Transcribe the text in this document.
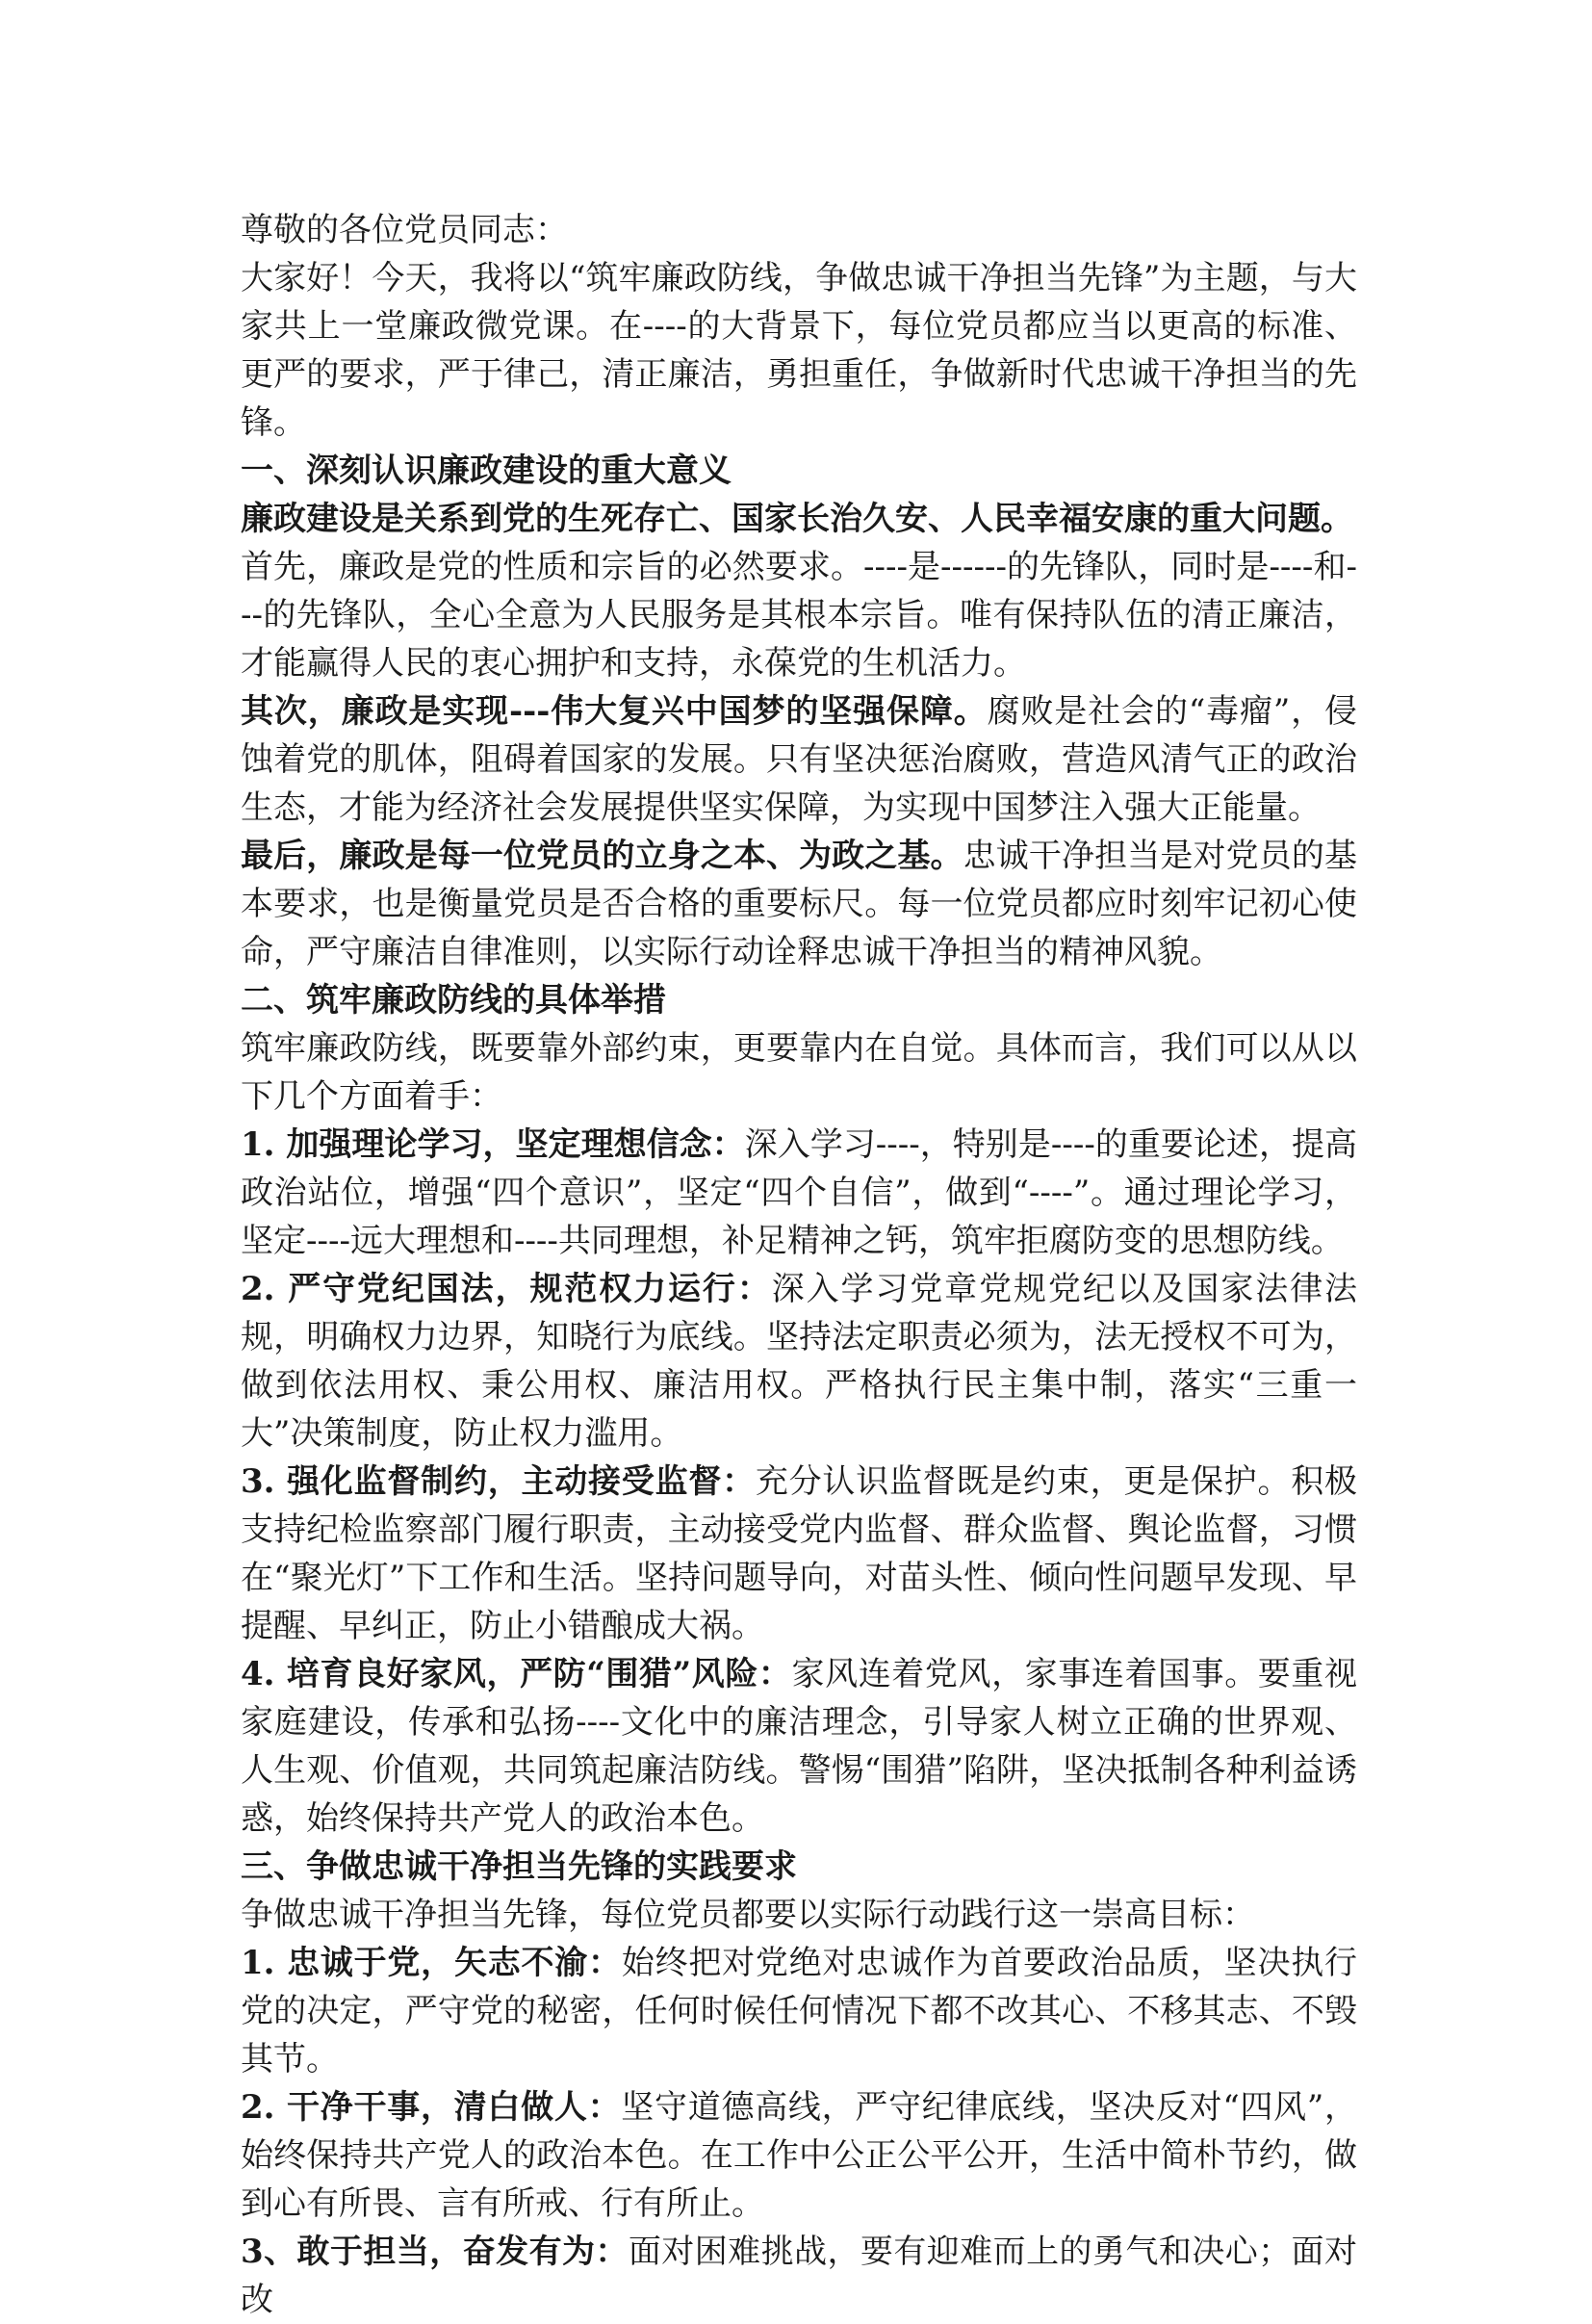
尊敬的各位党员同志：

大家好！今天，我将以“筑牢廉政防线，争做忠诚干净担当先锋”为主题，与大家共上一堂廉政微党课。在----的大背景下，每位党员都应当以更高的标准、更严的要求，严于律己，清正廉洁，勇担重任，争做新时代忠诚干净担当的先锋。

一、深刻认识廉政建设的重大意义

廉政建设是关系到党的生死存亡、国家长治久安、人民幸福安康的重大问题。

首先，廉政是党的性质和宗旨的必然要求。----是------的先锋队，同时是----和---的先锋队，全心全意为人民服务是其根本宗旨。唯有保持队伍的清正廉洁，才能赢得人民的衷心拥护和支持，永葆党的生机活力。

其次，廉政是实现---伟大复兴中国梦的坚强保障。腐败是社会的“毒瘤”，侵蚀着党的肌体，阻碍着国家的发展。只有坚决惩治腐败，营造风清气正的政治生态，才能为经济社会发展提供坚实保障，为实现中国梦注入强大正能量。

最后，廉政是每一位党员的立身之本、为政之基。忠诚干净担当是对党员的基本要求，也是衡量党员是否合格的重要标尺。每一位党员都应时刻牢记初心使命，严守廉洁自律准则，以实际行动诠释忠诚干净担当的精神风貌。

二、筑牢廉政防线的具体举措

筑牢廉政防线，既要靠外部约束，更要靠内在自觉。具体而言，我们可以从以下几个方面着手：

1. 加强理论学习，坚定理想信念：深入学习----，特别是----的重要论述，提高政治站位，增强“四个意识”，坚定“四个自信”，做到“----”。通过理论学习，坚定----远大理想和----共同理想，补足精神之钙，筑牢拒腐防变的思想防线。

2. 严守党纪国法，规范权力运行：深入学习党章党规党纪以及国家法律法规，明确权力边界，知晓行为底线。坚持法定职责必须为，法无授权不可为，做到依法用权、秉公用权、廉洁用权。严格执行民主集中制，落实“三重一大”决策制度，防止权力滥用。

3. 强化监督制约，主动接受监督：充分认识监督既是约束，更是保护。积极支持纪检监察部门履行职责，主动接受党内监督、群众监督、舆论监督，习惯在“聚光灯”下工作和生活。坚持问题导向，对苗头性、倾向性问题早发现、早提醒、早纠正，防止小错酿成大祸。

4. 培育良好家风，严防“围猎”风险：家风连着党风，家事连着国事。要重视家庭建设，传承和弘扬----文化中的廉洁理念，引导家人树立正确的世界观、人生观、价值观，共同筑起廉洁防线。警惕“围猎”陷阱，坚决抵制各种利益诱惑，始终保持共产党人的政治本色。

三、争做忠诚干净担当先锋的实践要求

争做忠诚干净担当先锋，每位党员都要以实际行动践行这一崇高目标：

1. 忠诚于党，矢志不渝：始终把对党绝对忠诚作为首要政治品质，坚决执行党的决定，严守党的秘密，任何时候任何情况下都不改其心、不移其志、不毁其节。

2. 干净干事，清白做人：坚守道德高线，严守纪律底线，坚决反对“四风”，始终保持共产党人的政治本色。在工作中公正公平公开，生活中简朴节约，做到心有所畏、言有所戒、行有所止。

3、敢于担当，奋发有为：面对困难挑战，要有迎难而上的勇气和决心；面对改
